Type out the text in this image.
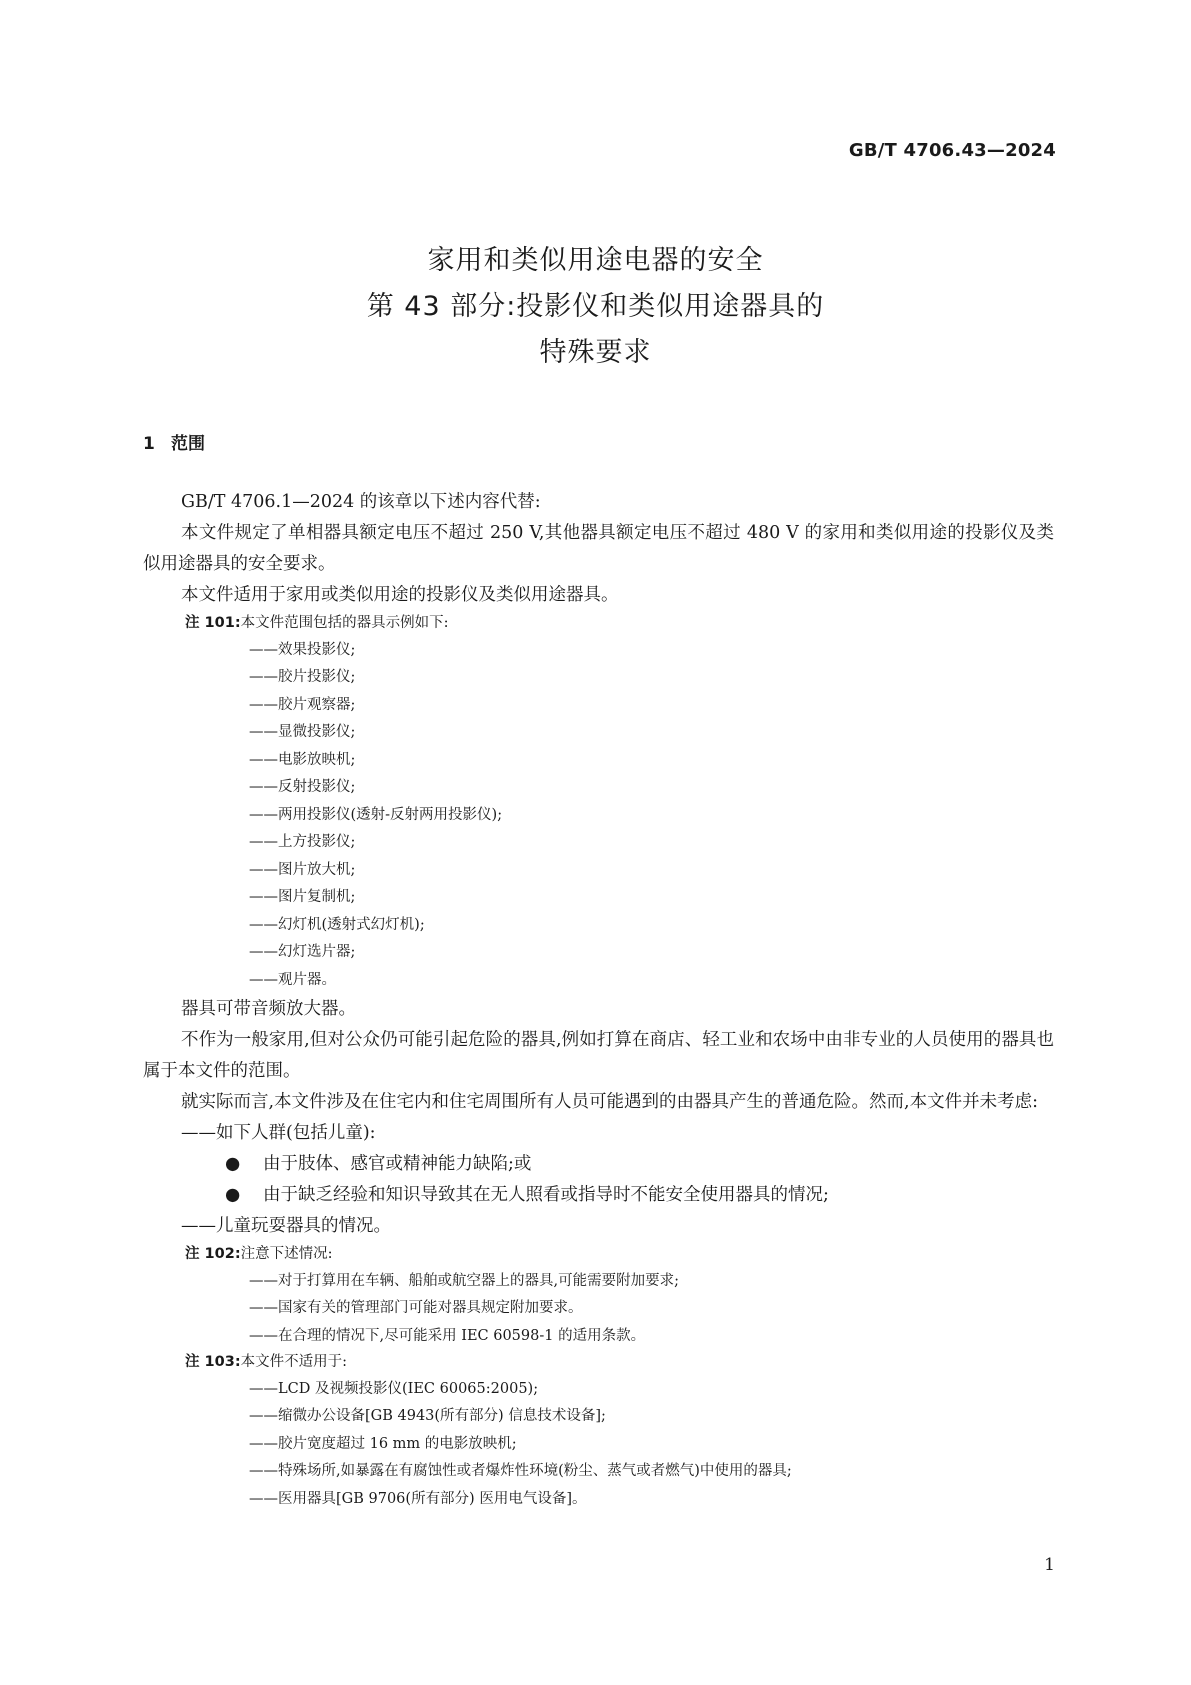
GB/T 4706.43—2024
家用和类似用途电器的安全
第 43 部分:投影仪和类似用途器具的
特殊要求
1 范围
GB/T 4706.1—2024 的该章以下述内容代替:
本文件规定了单相器具额定电压不超过 250 V,其他器具额定电压不超过 480 V 的家用和类似用途的投影仪及类似用途器具的安全要求。
本文件适用于家用或类似用途的投影仪及类似用途器具。
注 101:本文件范围包括的器具示例如下:
——效果投影仪;
——胶片投影仪;
——胶片观察器;
——显微投影仪;
——电影放映机;
——反射投影仪;
——两用投影仪(透射-反射两用投影仪);
——上方投影仪;
——图片放大机;
——图片复制机;
——幻灯机(透射式幻灯机);
——幻灯选片器;
——观片器。
器具可带音频放大器。
不作为一般家用,但对公众仍可能引起危险的器具,例如打算在商店、轻工业和农场中由非专业的人员使用的器具也属于本文件的范围。
就实际而言,本文件涉及在住宅内和住宅周围所有人员可能遇到的由器具产生的普通危险。然而,本文件并未考虑:
——如下人群(包括儿童):
● 由于肢体、感官或精神能力缺陷;或
● 由于缺乏经验和知识导致其在无人照看或指导时不能安全使用器具的情况;
——儿童玩耍器具的情况。
注 102:注意下述情况:
——对于打算用在车辆、船舶或航空器上的器具,可能需要附加要求;
——国家有关的管理部门可能对器具规定附加要求。
——在合理的情况下,尽可能采用 IEC 60598-1 的适用条款。
注 103:本文件不适用于:
——LCD 及视频投影仪(IEC 60065:2005);
——缩微办公设备[GB 4943(所有部分) 信息技术设备];
——胶片宽度超过 16 mm 的电影放映机;
——特殊场所,如暴露在有腐蚀性或者爆炸性环境(粉尘、蒸气或者燃气)中使用的器具;
——医用器具[GB 9706(所有部分) 医用电气设备]。
1
